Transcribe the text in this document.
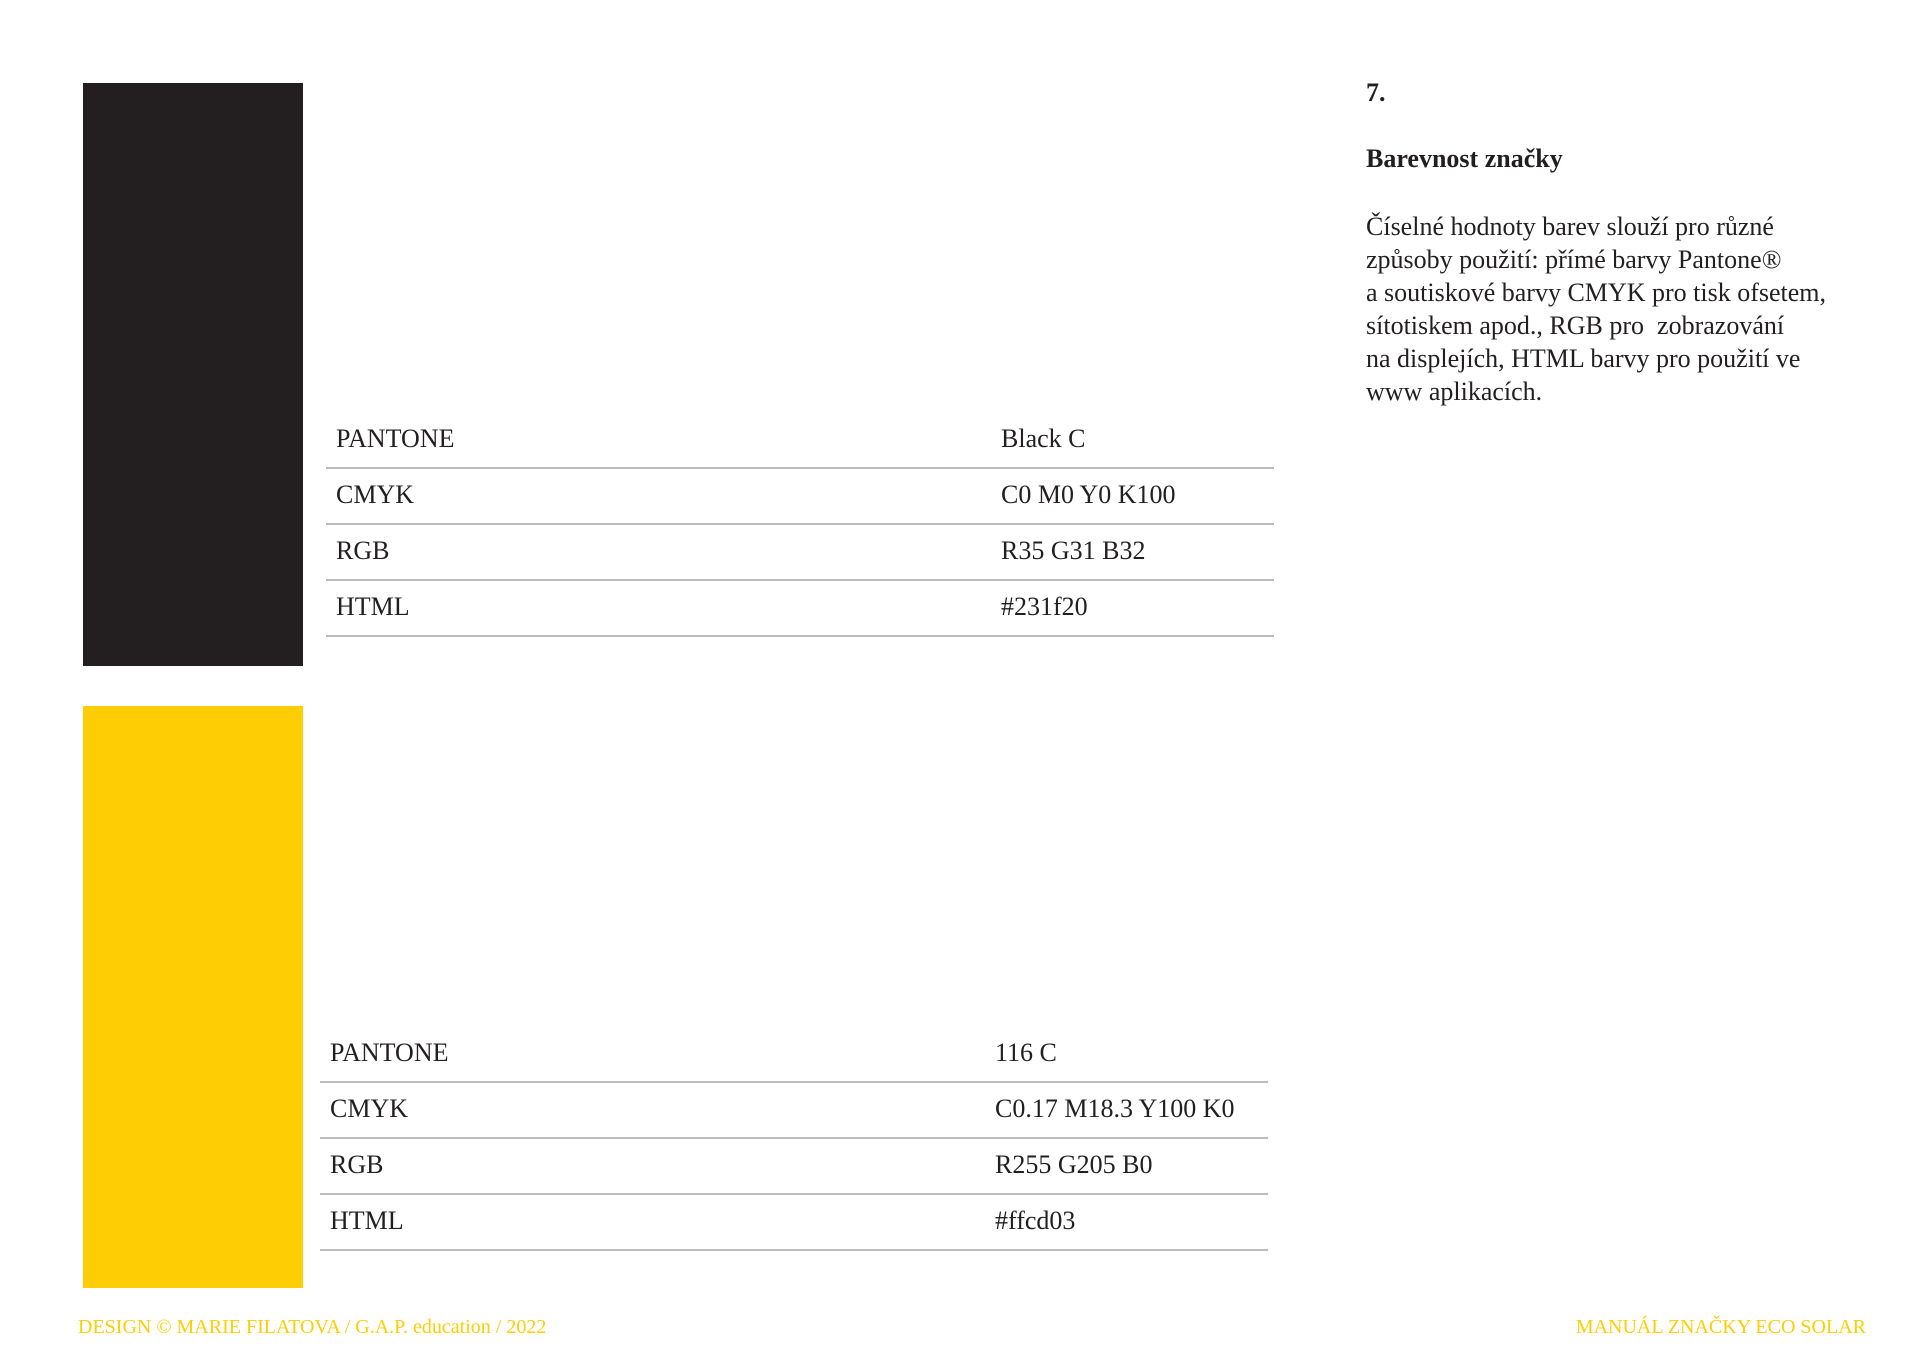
PANTONE	Black C
CMYK	C0 M0 Y0 K100
RGB	R35 G31 B32
HTML	#231f20
PANTONE	116 C
CMYK	C0.17 M18.3 Y100 K0
RGB	R255 G205 B0
HTML	#ffcd03
7.
Barevnost značky
Číselné hodnoty barev slouží pro různé
způsoby použití: přímé barvy Pantone®
a soutiskové barvy CMYK pro tisk ofsetem,
sítotiskem apod., RGB pro  zobrazování
na displejích, HTML barvy pro použití ve
www aplikacích.
DESIGN © MARIE FILATOVA / G.A.P. education / 2022	MANUÁL ZNAČKY ECO SOLAR
